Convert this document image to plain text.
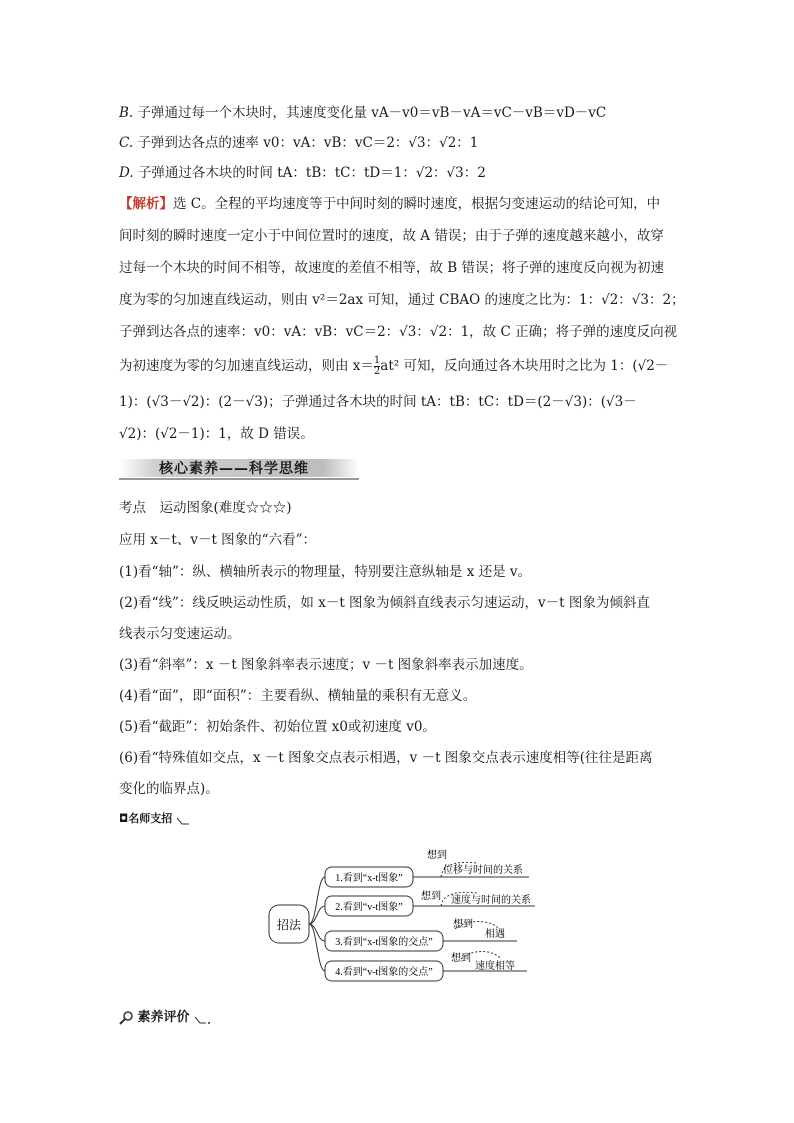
B. 子弹通过每一个木块时，其速度变化量 vA－v0＝vB－vA＝vC－vB＝vD－vC
C. 子弹到达各点的速率 v0：vA：vB：vC＝2：√3：√2：1
D. 子弹通过各木块的时间 tA：tB：tC：tD＝1：√2：√3：2
【解析】选 C。全程的平均速度等于中间时刻的瞬时速度，根据匀变速运动的结论可知，中
间时刻的瞬时速度一定小于中间位置时的速度，故 A 错误；由于子弹的速度越来越小，故穿
过每一个木块的时间不相等，故速度的差值不相等，故 B 错误；将子弹的速度反向视为初速
度为零的匀加速直线运动，则由 v²＝2ax 可知，通过 CBAO 的速度之比为：1：√2：√3：2；
子弹到达各点的速率：v0：vA：vB：vC＝2：√3：√2：1，故 C 正确；将子弹的速度反向视
为初速度为零的匀加速直线运动，则由 $x= \frac{1}{2} at^2$ 可知，反向通过各木块用时之比为 1：(√2－
1)：(√3－√2)：(2－√3)；子弹通过各木块的时间 tA：tB：tC：tD＝(2－√3)：(√3－
√2)：(√2－1)：1，故 D 错误。
核心素养——科学思维
考点　运动图象(难度☆☆☆)
应用 x－t、v－t 图象的“六看”：
(1)看“轴”：纵、横轴所表示的物理量，特别要注意纵轴是 x 还是 v。
(2)看“线”：线反映运动性质，如 x－t 图象为倾斜直线表示匀速运动，v－t 图象为倾斜直
线表示匀变速运动。
(3)看“斜率”：x －t 图象斜率表示速度；v －t 图象斜率表示加速度。
(4)看“面”，即“面积”：主要看纵、横轴量的乘积有无意义。
(5)看“截距”：初始条件、初始位置 x0或初速度 v0。
(6)看“特殊值如交点，x －t 图象交点表示相遇，v －t 图象交点表示速度相等(往往是距离
变化的临界点)。
◘名师支招
招法
1.看到“x-t图象”
想到
位移与时间的关系
2.看到“v-t图象”
想到 速度与时间的关系
3.看到“x-t图象的交点”
想到
相遇
4.看到“v-t图象的交点”
想到
速度相等
素养评价
